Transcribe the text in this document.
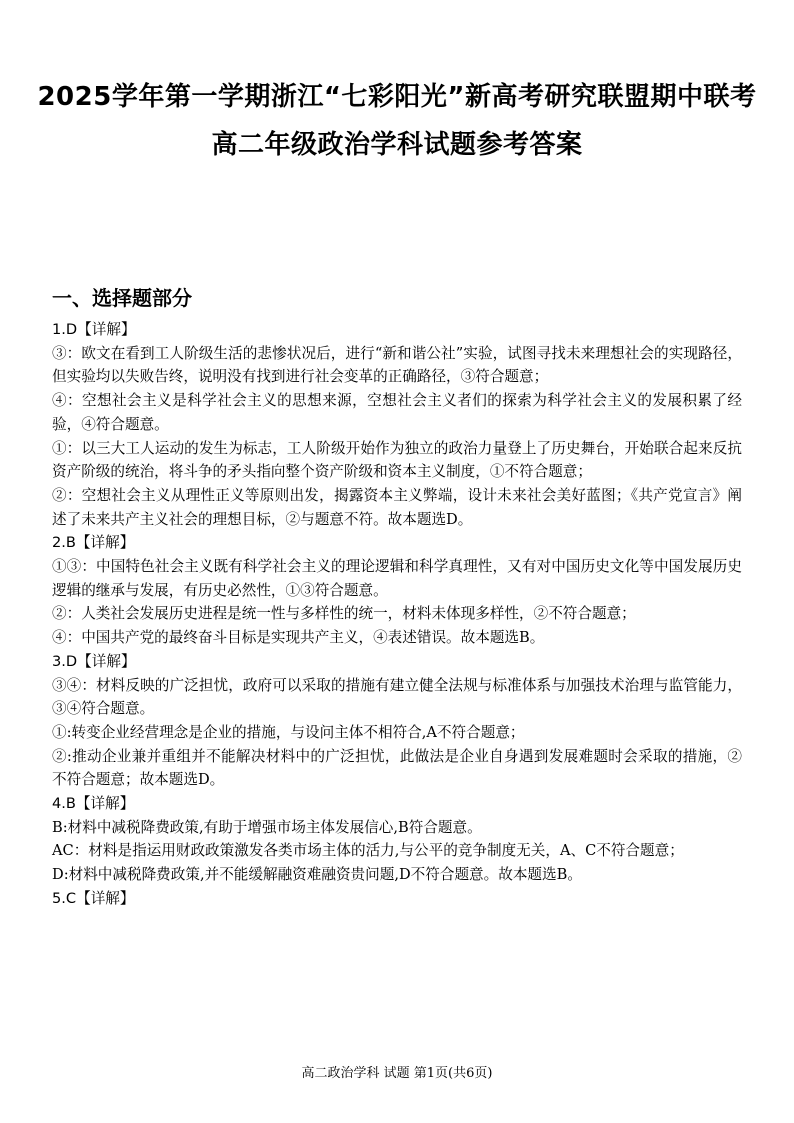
2025学年第一学期浙江“七彩阳光”新高考研究联盟期中联考
高二年级政治学科试题参考答案
一、选择题部分

1.D【详解】

③：欧文在看到工人阶级生活的悲惨状况后，进行“新和谐公社”实验，试图寻找未来理想社会的实现路径， 但实验均以失败告终，说明没有找到进行社会变革的正确路径，③符合题意；

④：空想社会主义是科学社会主义的思想来源，空想社会主义者们的探索为科学社会主义的发展积累了经验，④符合题意。

①：以三大工人运动的发生为标志，工人阶级开始作为独立的政治力量登上了历史舞台，开始联合起来反抗资产阶级的统治，将斗争的矛头指向整个资产阶级和资本主义制度，①不符合题意；

②：空想社会主义从理性正义等原则出发，揭露资本主义弊端，设计未来社会美好蓝图；《共产党宣言》阐述了未来共产主义社会的理想目标，②与题意不符。故本题选D。

2.B【详解】

①③：中国特色社会主义既有科学社会主义的理论逻辑和科学真理性，又有对中国历史文化等中国发展历史逻辑的继承与发展，有历史必然性，①③符合题意。

②：人类社会发展历史进程是统一性与多样性的统一，材料未体现多样性，②不符合题意；

④：中国共产党的最终奋斗目标是实现共产主义，④表述错误。故本题选B。

3.D【详解】

③④：材料反映的广泛担忧，政府可以采取的措施有建立健全法规与标准体系与加强技术治理与监管能力，③④符合题意。

①:转变企业经营理念是企业的措施，与设问主体不相符合,A不符合题意；

②:推动企业兼并重组并不能解决材料中的广泛担忧，此做法是企业自身遇到发展难题时会采取的措施，②不符合题意；故本题选D。

4.B【详解】

B:材料中减税降费政策,有助于增强市场主体发展信心,B符合题意。

AC：材料是指运用财政政策激发各类市场主体的活力,与公平的竞争制度无关，A、C不符合题意；

D:材料中减税降费政策,并不能缓解融资难融资贵问题,D不符合题意。故本题选B。

5.C【详解】

高二政治学科 试题 第1页(共6页)
